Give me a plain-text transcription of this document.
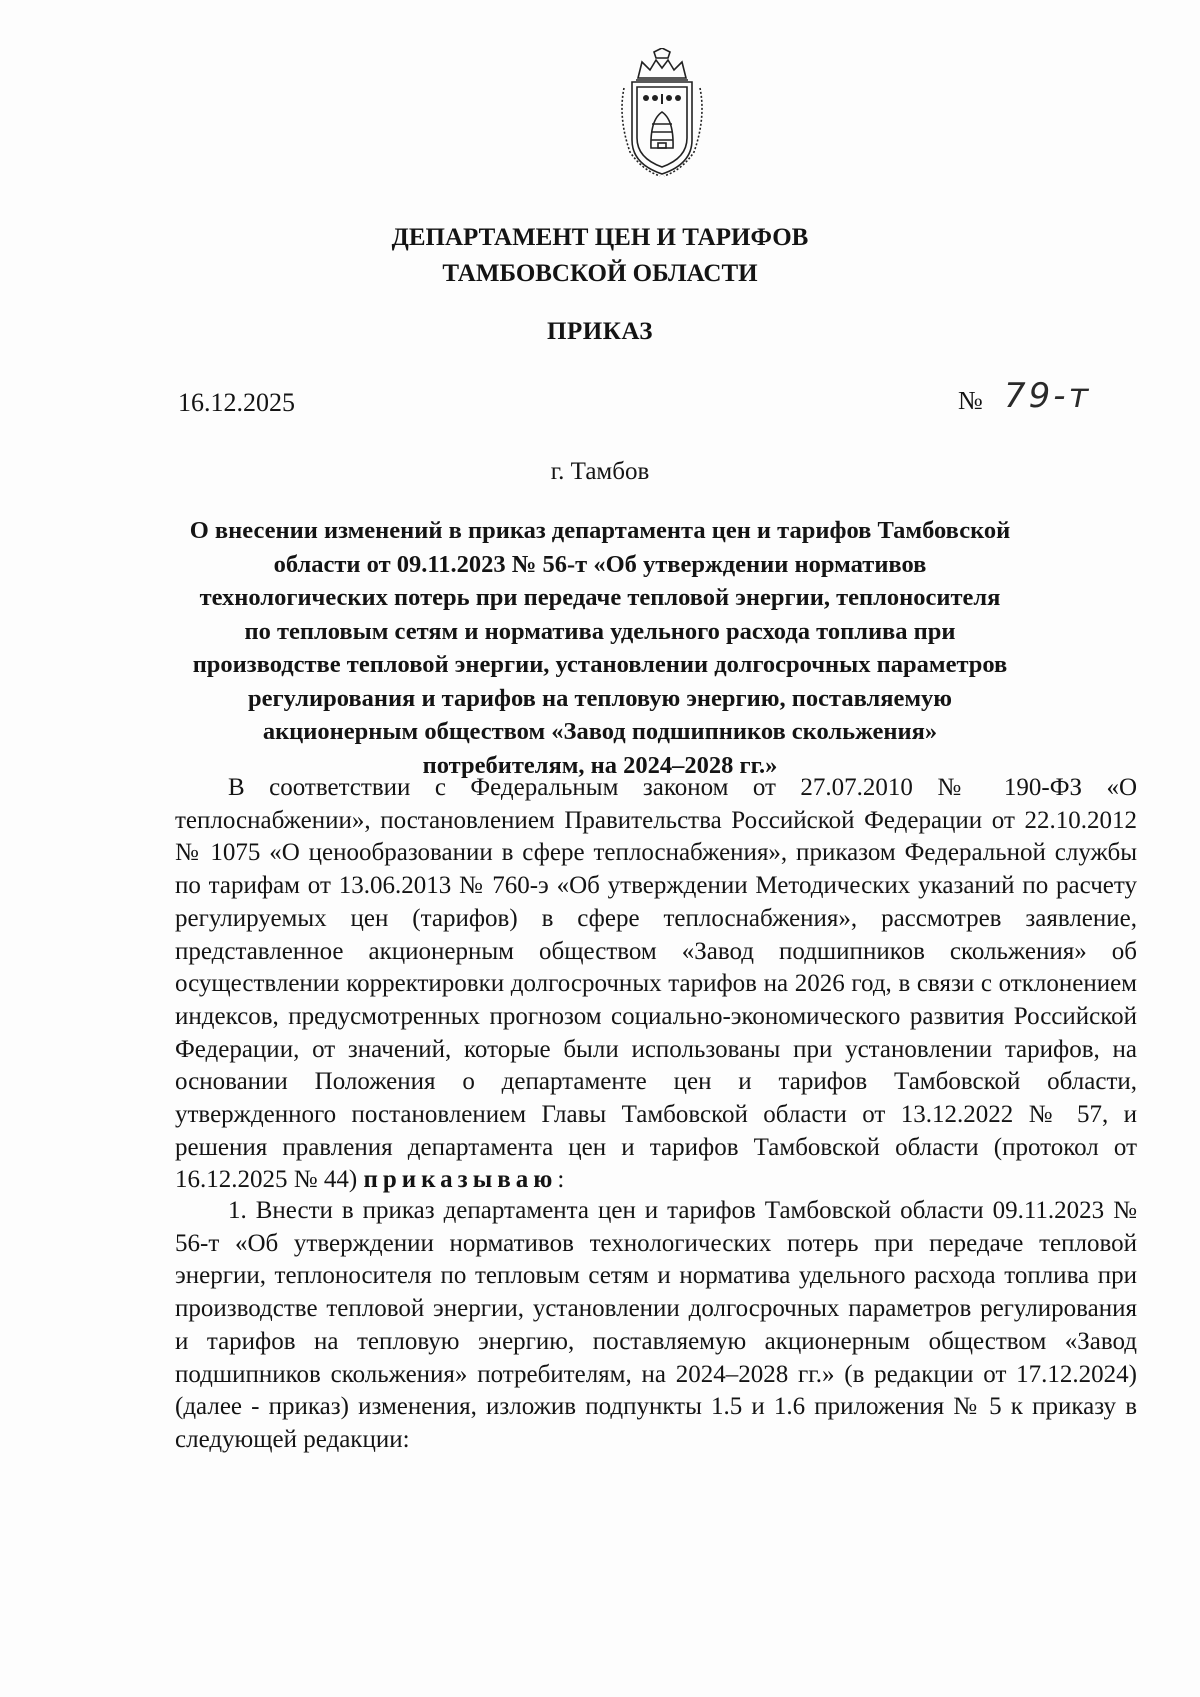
ДЕПАРТАМЕНТ ЦЕН И ТАРИФОВ
ТАМБОВСКОЙ ОБЛАСТИ
ПРИКАЗ
16.12.2025	№ 79-т
г. Тамбов
О внесении изменений в приказ департамента цен и тарифов Тамбовской области от 09.11.2023 № 56-т «Об утверждении нормативов технологических потерь при передаче тепловой энергии, теплоносителя по тепловым сетям и норматива удельного расхода топлива при производстве тепловой энергии, установлении долгосрочных параметров регулирования и тарифов на тепловую энергию, поставляемую акционерным обществом «Завод подшипников скольжения» потребителям, на 2024–2028 гг.»

В соответствии с Федеральным законом от 27.07.2010 № 190-ФЗ «О теплоснабжении», постановлением Правительства Российской Федерации от 22.10.2012 № 1075 «О ценообразовании в сфере теплоснабжения», приказом Федеральной службы по тарифам от 13.06.2013 № 760-э «Об утверждении Методических указаний по расчету регулируемых цен (тарифов) в сфере теплоснабжения», рассмотрев заявление, представленное акционерным обществом «Завод подшипников скольжения» об осуществлении корректировки долгосрочных тарифов на 2026 год, в связи с отклонением индексов, предусмотренных прогнозом социально-экономического развития Российской Федерации, от значений, которые были использованы при установлении тарифов, на основании Положения о департаменте цен и тарифов Тамбовской области, утвержденного постановлением Главы Тамбовской области от 13.12.2022 № 57, и решения правления департамента цен и тарифов Тамбовской области (протокол от 16.12.2025 № 44) приказываю:

1. Внести в приказ департамента цен и тарифов Тамбовской области 09.11.2023 № 56-т «Об утверждении нормативов технологических потерь при передаче тепловой энергии, теплоносителя по тепловым сетям и норматива удельного расхода топлива при производстве тепловой энергии, установлении долгосрочных параметров регулирования и тарифов на тепловую энергию, поставляемую акционерным обществом «Завод подшипников скольжения» потребителям, на 2024–2028 гг.» (в редакции от 17.12.2024) (далее - приказ) изменения, изложив подпункты 1.5 и 1.6 приложения № 5 к приказу в следующей редакции:
